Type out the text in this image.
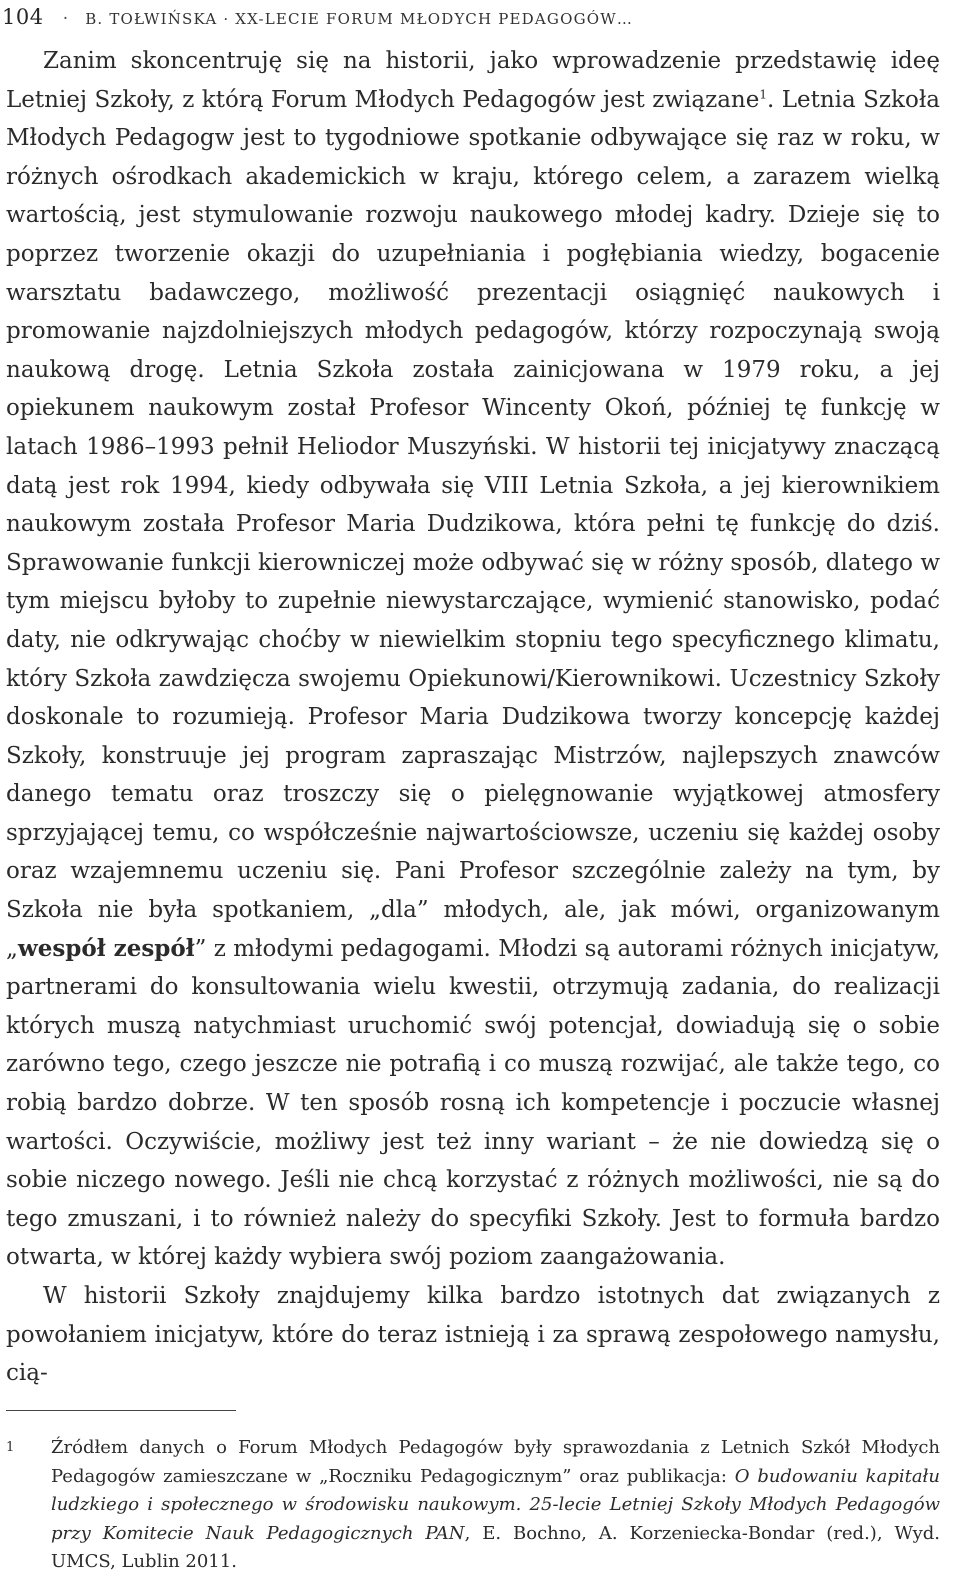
104 · B. TOŁWIŃSKA · XX-LECIE FORUM MŁODYCH PEDAGOGÓW…

Zanim skoncentruję się na historii, jako wprowadzenie przedstawię ideę Letniej Szkoły, z którą Forum Młodych Pedagogów jest związane$^1$. Letnia Szkoła Młodych Pedagogw jest to tygodniowe spotkanie odbywające się raz w roku, w różnych ośrodkach akademickich w kraju, którego celem, a zarazem wielką wartością, jest stymulowanie rozwoju naukowego młodej kadry. Dzieje się to poprzez tworzenie okazji do uzupełniania i pogłębiania wiedzy, bogacenie warsztatu badawczego, możliwość prezentacji osiągnięć naukowych i promowanie najzdolniejszych młodych pedagogów, którzy rozpoczynają swoją naukową drogę. Letnia Szkoła została zainicjowana w 1979 roku, a jej opiekunem naukowym został Profesor Wincenty Okoń, później tę funkcję w latach 1986–1993 pełnił Heliodor Muszyński. W historii tej inicjatywy znaczącą datą jest rok 1994, kiedy odbywała się VIII Letnia Szkoła, a jej kierownikiem naukowym została Profesor Maria Dudzikowa, która pełni tę funkcję do dziś. Sprawowanie funkcji kierowniczej może odbywać się w różny sposób, dlatego w tym miejscu byłoby to zupełnie niewystarczające, wymienić stanowisko, podać daty, nie odkrywając choćby w niewielkim stopniu tego specyficznego klimatu, który Szkoła zawdzięcza swojemu Opiekunowi/Kierownikowi. Uczestnicy Szkoły doskonale to rozumieją. Profesor Maria Dudzikowa tworzy koncepcję każdej Szkoły, konstruuje jej program zapraszając Mistrzów, najlepszych znawców danego tematu oraz troszczy się o pielęgnowanie wyjątkowej atmosfery sprzyjającej temu, co współcześnie najwartościowsze, uczeniu się każdej osoby oraz wzajemnemu uczeniu się. Pani Profesor szczególnie zależy na tym, by Szkoła nie była spotkaniem, „dla” młodych, ale, jak mówi, organizowanym „wespół zespół” z młodymi pedagogami. Młodzi są autorami różnych inicjatyw, partnerami do konsultowania wielu kwestii, otrzymują zadania, do realizacji których muszą natychmiast uruchomić swój potencjał, dowiadują się o sobie zarówno tego, czego jeszcze nie potrafią i co muszą rozwijać, ale także tego, co robią bardzo dobrze. W ten sposób rosną ich kompetencje i poczucie własnej wartości. Oczywiście, możliwy jest też inny wariant – że nie dowiedzą się o sobie niczego nowego. Jeśli nie chcą korzystać z różnych możliwości, nie są do tego zmuszani, i to również należy do specyfiki Szkoły. Jest to formuła bardzo otwarta, w której każdy wybiera swój poziom zaangażowania.

W historii Szkoły znajdujemy kilka bardzo istotnych dat związanych z powołaniem inicjatyw, które do teraz istnieją i za sprawą zespołowego namysłu, cią-

1 Źródłem danych o Forum Młodych Pedagogów były sprawozdania z Letnich Szkół Młodych Pedagogów zamieszczane w „Roczniku Pedagogicznym” oraz publikacja: O budowaniu kapitału ludzkiego i społecznego w środowisku naukowym. 25-lecie Letniej Szkoły Młodych Pedagogów przy Komitecie Nauk Pedagogicznych PAN, E. Bochno, A. Korzeniecka-Bondar (red.), Wyd. UMCS, Lublin 2011.
